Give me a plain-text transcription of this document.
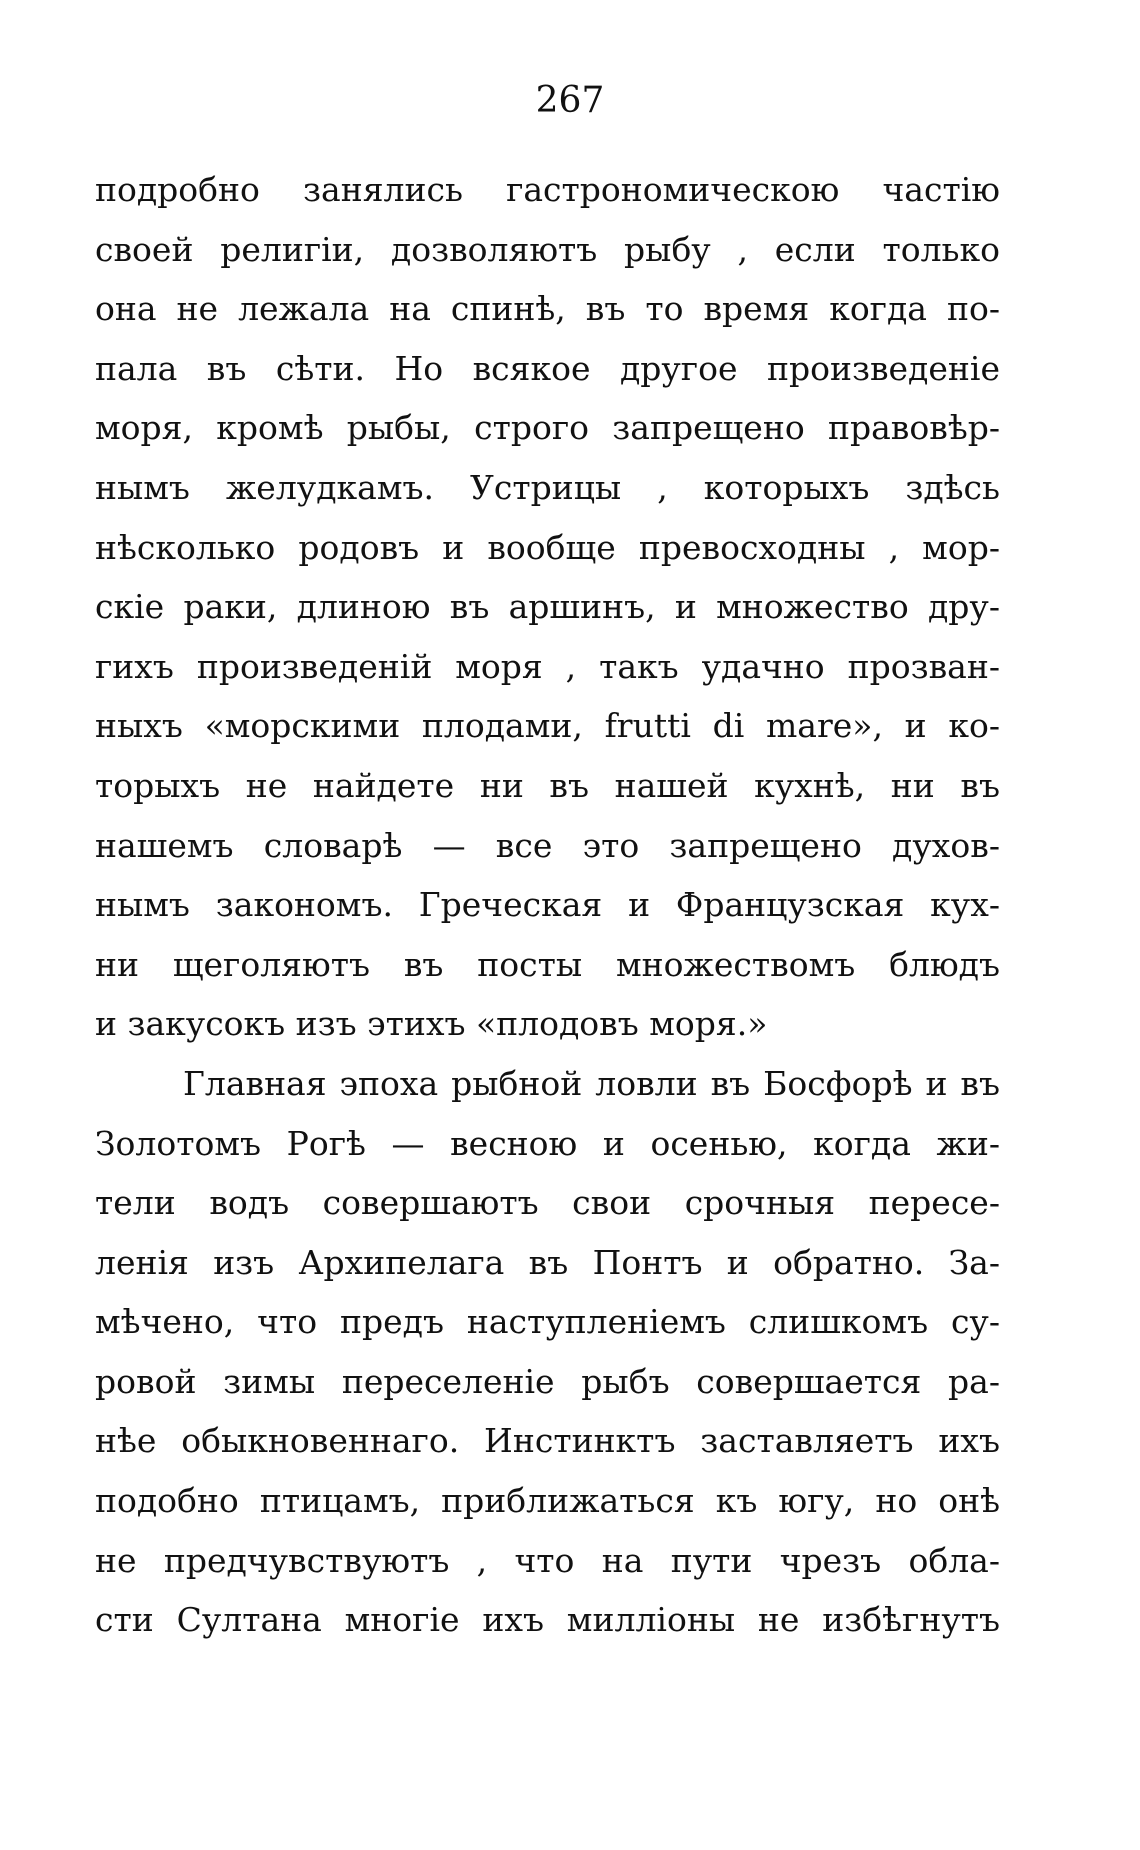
267
подробно занялись гастрономическою частію
своей религіи, дозволяютъ рыбу , если только
она не лежала на спинѣ, въ то время когда по-
пала въ сѣти. Но всякое другое произведеніе
моря, кромѣ рыбы, строго запрещено правовѣр-
нымъ желудкамъ. Устрицы , которыхъ здѣсь
нѣсколько родовъ и вообще превосходны , мор-
скіе раки, длиною въ аршинъ, и множество дру-
гихъ произведеній моря , такъ удачно прозван-
ныхъ «морскими плодами, frutti di mare», и ко-
торыхъ не найдете ни въ нашей кухнѣ, ни въ
нашемъ словарѣ — все это запрещено духов-
нымъ закономъ. Греческая и Французская кух-
ни щеголяютъ въ посты множествомъ блюдъ
и закусокъ изъ этихъ «плодовъ моря.»
Главная эпоха рыбной ловли въ Босфорѣ и въ
Золотомъ Рогѣ — весною и осенью, когда жи-
тели водъ совершаютъ свои срочныя пересе-
ленія изъ Архипелага въ Понтъ и обратно. За-
мѣчено, что предъ наступленіемъ слишкомъ су-
ровой зимы переселеніе рыбъ совершается ра-
нѣе обыкновеннаго. Инстинктъ заставляетъ ихъ
подобно птицамъ, приближаться къ югу, но онѣ
не предчувствуютъ , что на пути чрезъ обла-
сти Султана многіе ихъ милліоны не избѣгнутъ
